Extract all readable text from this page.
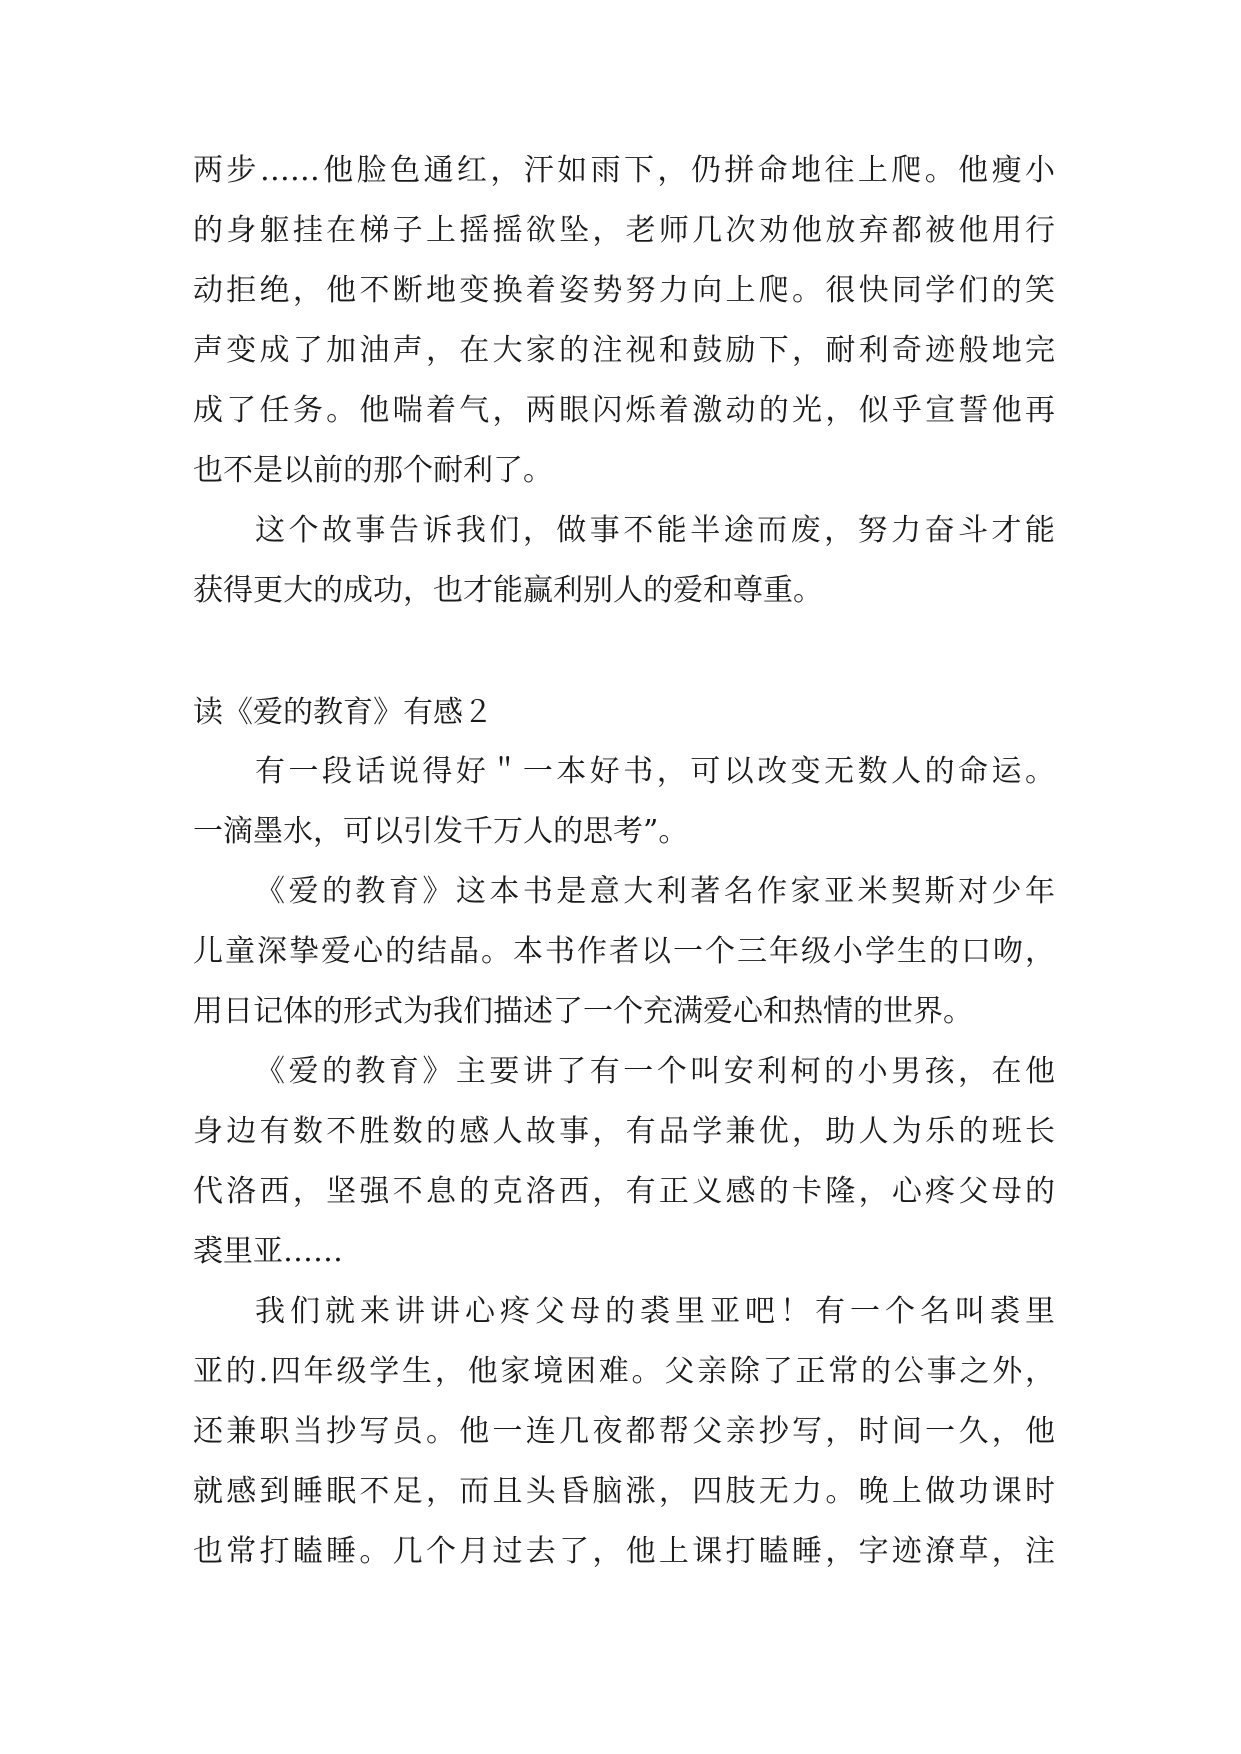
两步……他脸色通红，汗如雨下，仍拼命地往上爬。他瘦小
的身躯挂在梯子上摇摇欲坠，老师几次劝他放弃都被他用行
动拒绝，他不断地变换着姿势努力向上爬。很快同学们的笑
声变成了加油声，在大家的注视和鼓励下，耐利奇迹般地完
成了任务。他喘着气，两眼闪烁着激动的光，似乎宣誓他再
也不是以前的那个耐利了。
这个故事告诉我们，做事不能半途而废，努力奋斗才能
获得更大的成功，也才能赢利别人的爱和尊重。
读《爱的教育》有感２
有一段话说得好＂一本好书，可以改变无数人的命运。
一滴墨水，可以引发千万人的思考”。
《爱的教育》这本书是意大利著名作家亚米契斯对少年
儿童深挚爱心的结晶。本书作者以一个三年级小学生的口吻，
用日记体的形式为我们描述了一个充满爱心和热情的世界。
《爱的教育》主要讲了有一个叫安利柯的小男孩，在他
身边有数不胜数的感人故事，有品学兼优，助人为乐的班长
代洛西，坚强不息的克洛西，有正义感的卡隆，心疼父母的
裘里亚……
我们就来讲讲心疼父母的裘里亚吧！有一个名叫裘里
亚的.四年级学生，他家境困难。父亲除了正常的公事之外，
还兼职当抄写员。他一连几夜都帮父亲抄写，时间一久，他
就感到睡眠不足，而且头昏脑涨，四肢无力。晚上做功课时
也常打瞌睡。几个月过去了，他上课打瞌睡，字迹潦草，注
